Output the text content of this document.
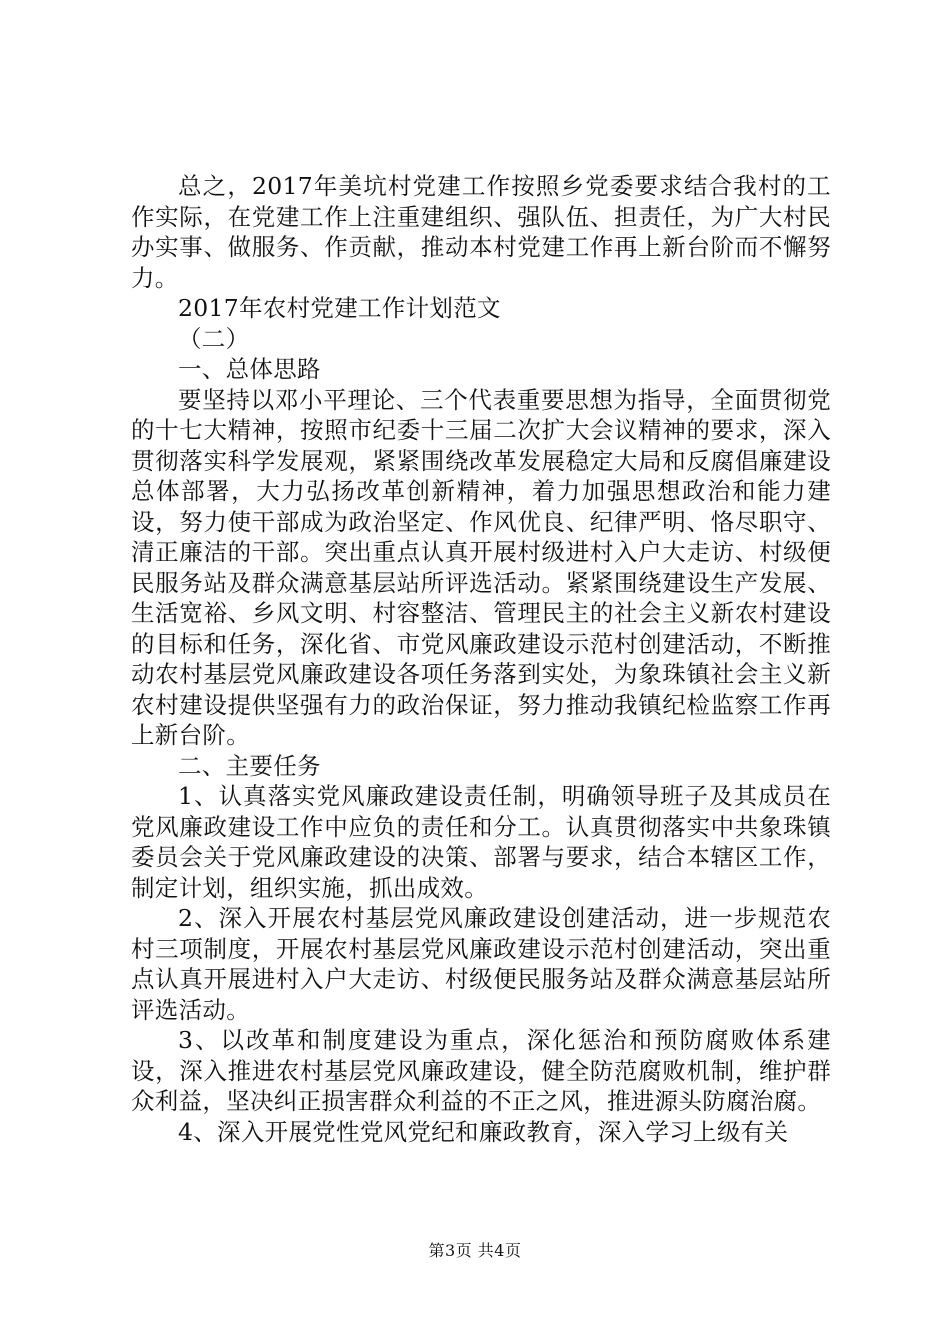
总之，2017年美坑村党建工作按照乡党委要求结合我村的工作实际，在党建工作上注重建组织、强队伍、担责任，为广大村民办实事、做服务、作贡献，推动本村党建工作再上新台阶而不懈努力。

2017年农村党建工作计划范文

（二）

一、总体思路

要坚持以邓小平理论、三个代表重要思想为指导，全面贯彻党的十七大精神，按照市纪委十三届二次扩大会议精神的要求，深入贯彻落实科学发展观，紧紧围绕改革发展稳定大局和反腐倡廉建设总体部署，大力弘扬改革创新精神，着力加强思想政治和能力建设，努力使干部成为政治坚定、作风优良、纪律严明、恪尽职守、清正廉洁的干部。突出重点认真开展村级进村入户大走访、村级便民服务站及群众满意基层站所评选活动。紧紧围绕建设生产发展、生活宽裕、乡风文明、村容整洁、管理民主的社会主义新农村建设的目标和任务，深化省、市党风廉政建设示范村创建活动，不断推动农村基层党风廉政建设各项任务落到实处，为象珠镇社会主义新农村建设提供坚强有力的政治保证，努力推动我镇纪检监察工作再上新台阶。

二、主要任务

1、认真落实党风廉政建设责任制，明确领导班子及其成员在党风廉政建设工作中应负的责任和分工。认真贯彻落实中共象珠镇委员会关于党风廉政建设的决策、部署与要求，结合本辖区工作，制定计划，组织实施，抓出成效。

2、深入开展农村基层党风廉政建设创建活动，进一步规范农村三项制度，开展农村基层党风廉政建设示范村创建活动，突出重点认真开展进村入户大走访、村级便民服务站及群众满意基层站所评选活动。

3、以改革和制度建设为重点，深化惩治和预防腐败体系建设，深入推进农村基层党风廉政建设，健全防范腐败机制，维护群众利益，坚决纠正损害群众利益的不正之风，推进源头防腐治腐。

4、深入开展党性党风党纪和廉政教育，深入学习上级有关

第3页 共4页
